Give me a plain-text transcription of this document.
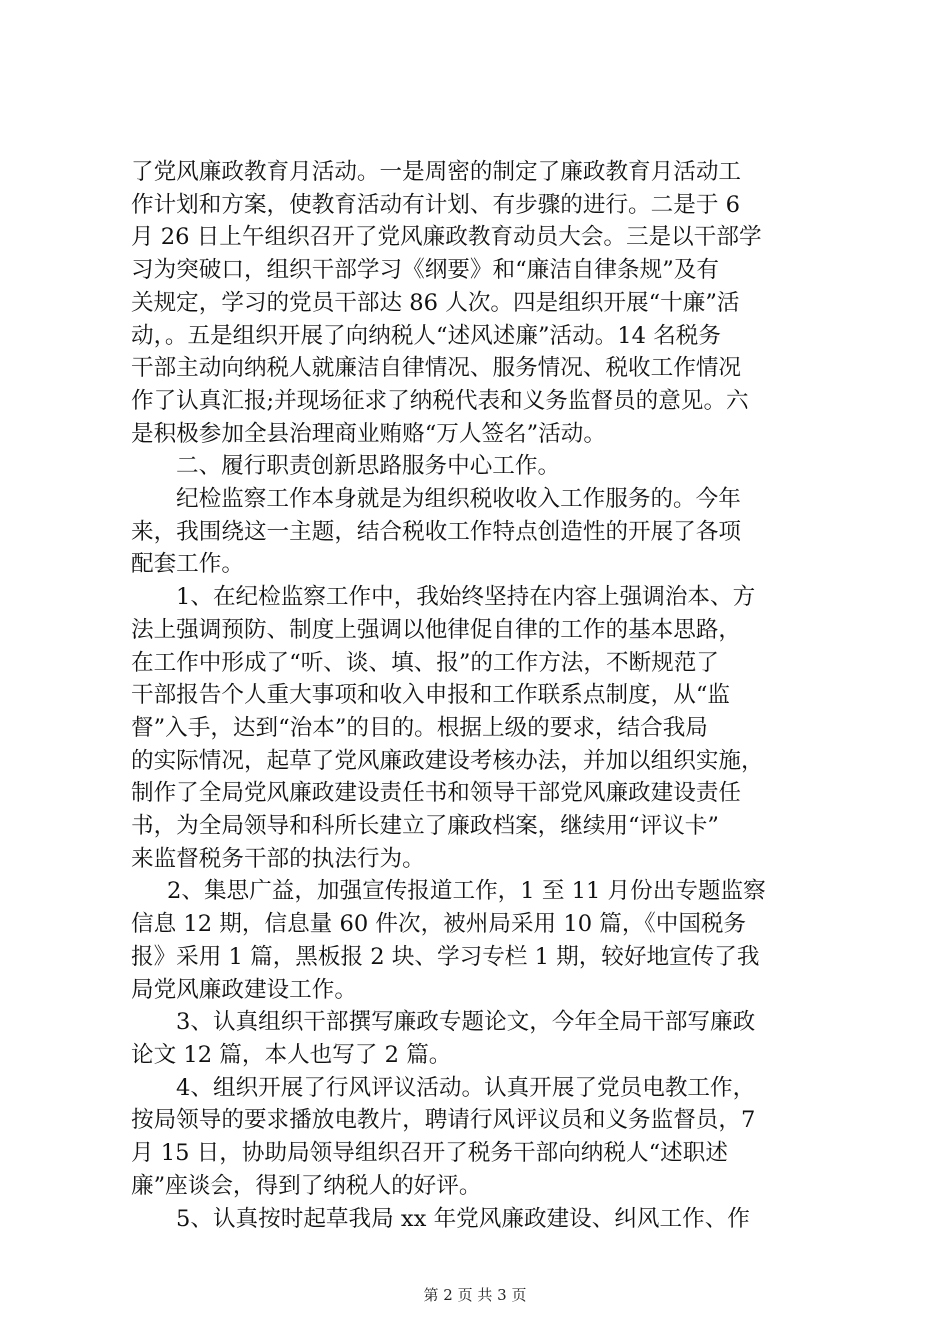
了党风廉政教育月活动。一是周密的制定了廉政教育月活动工
作计划和方案，使教育活动有计划、有步骤的进行。二是于 6
月 26 日上午组织召开了党风廉政教育动员大会。三是以干部学
习为突破口，组织干部学习《纲要》和“廉洁自律条规”及有
关规定，学习的党员干部达 86 人次。四是组织开展“十廉”活
动，。五是组织开展了向纳税人“述风述廉”活动。14 名税务
干部主动向纳税人就廉洁自律情况、服务情况、税收工作情况
作了认真汇报;并现场征求了纳税代表和义务监督员的意见。六
是积极参加全县治理商业贿赂“万人签名”活动。
二、履行职责创新思路服务中心工作。
纪检监察工作本身就是为组织税收收入工作服务的。今年
来，我围绕这一主题，结合税收工作特点创造性的开展了各项
配套工作。
1、在纪检监察工作中，我始终坚持在内容上强调治本、方
法上强调预防、制度上强调以他律促自律的工作的基本思路，
在工作中形成了“听、谈、填、报”的工作方法，不断规范了
干部报告个人重大事项和收入申报和工作联系点制度，从“监
督”入手，达到“治本”的目的。根据上级的要求，结合我局
的实际情况，起草了党风廉政建设考核办法，并加以组织实施，
制作了全局党风廉政建设责任书和领导干部党风廉政建设责任
书，为全局领导和科所长建立了廉政档案，继续用“评议卡”
来监督税务干部的执法行为。
2、集思广益，加强宣传报道工作，1 至 11 月份出专题监察
信息 12 期，信息量 60 件次，被州局采用 10 篇，《中国税务
报》采用 1 篇，黑板报 2 块、学习专栏 1 期，较好地宣传了我
局党风廉政建设工作。
3、认真组织干部撰写廉政专题论文，今年全局干部写廉政
论文 12 篇，本人也写了 2 篇。
4、组织开展了行风评议活动。认真开展了党员电教工作，
按局领导的要求播放电教片，聘请行风评议员和义务监督员，7
月 15 日，协助局领导组织召开了税务干部向纳税人“述职述
廉”座谈会，得到了纳税人的好评。
5、认真按时起草我局 xx 年党风廉政建设、纠风工作、作
第 2 页 共 3 页
